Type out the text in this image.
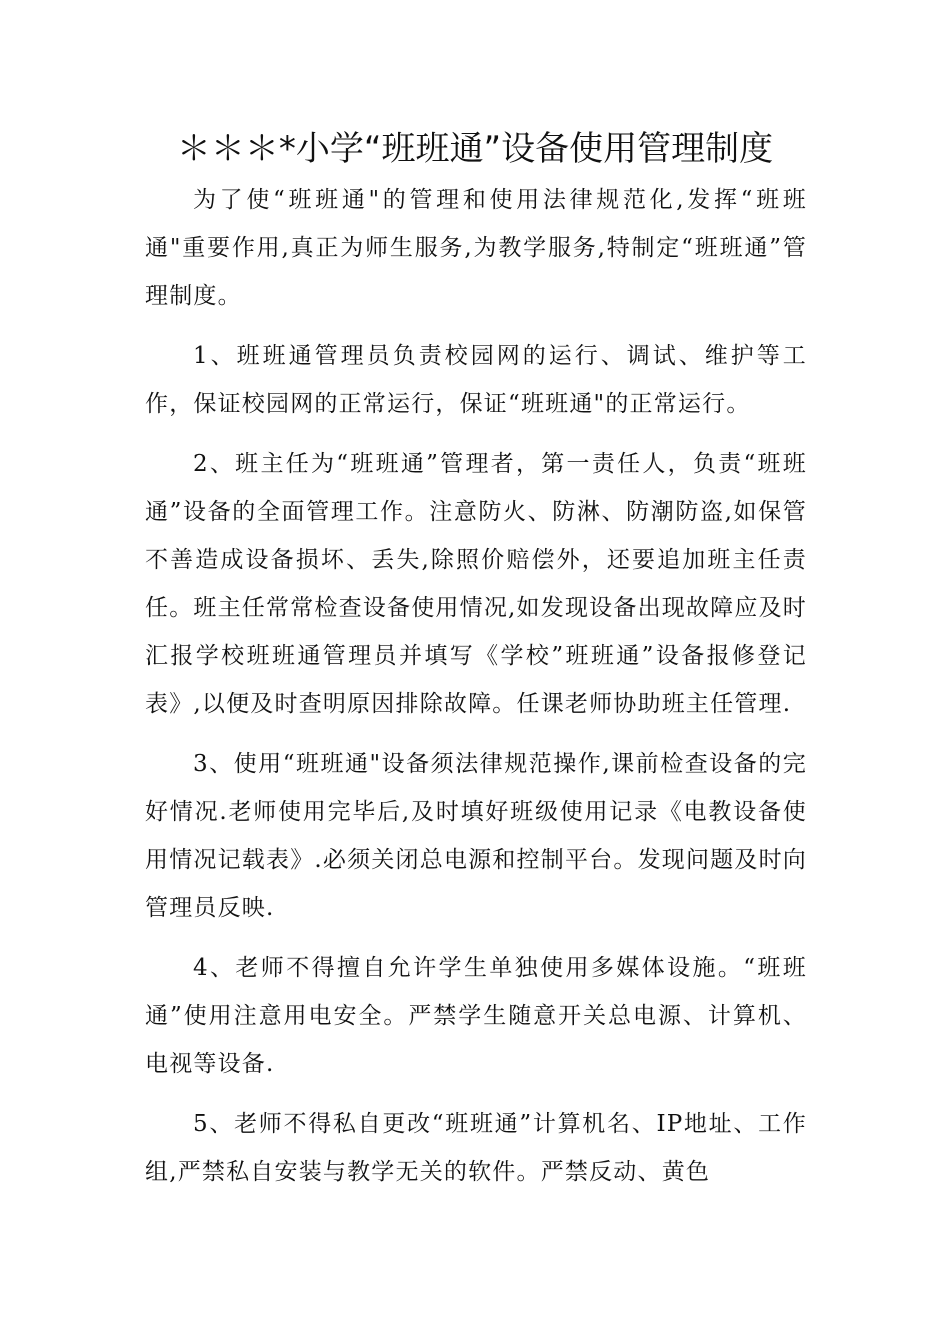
＊＊＊*小学“班班通”设备使用管理制度

为了使“班班通"的管理和使用法律规范化,发挥“班班通"重要作用,真正为师生服务,为教学服务,特制定“班班通”管理制度。

1、班班通管理员负责校园网的运行、调试、维护等工作，保证校园网的正常运行，保证“班班通"的正常运行。

2、班主任为“班班通”管理者，第一责任人，负责“班班通”设备的全面管理工作。注意防火、防淋、防潮防盗,如保管不善造成设备损坏、丢失,除照价赔偿外，还要追加班主任责任。班主任常常检查设备使用情况,如发现设备出现故障应及时汇报学校班班通管理员并填写《学校”班班通”设备报修登记表》,以便及时查明原因排除故障。任课老师协助班主任管理.

3、使用“班班通"设备须法律规范操作,课前检查设备的完好情况.老师使用完毕后,及时填好班级使用记录《电教设备使用情况记载表》.必须关闭总电源和控制平台。发现问题及时向管理员反映.

4、老师不得擅自允许学生单独使用多媒体设施。“班班通”使用注意用电安全。严禁学生随意开关总电源、计算机、电视等设备.

5、老师不得私自更改“班班通”计算机名、IP地址、工作组,严禁私自安装与教学无关的软件。严禁反动、黄色
